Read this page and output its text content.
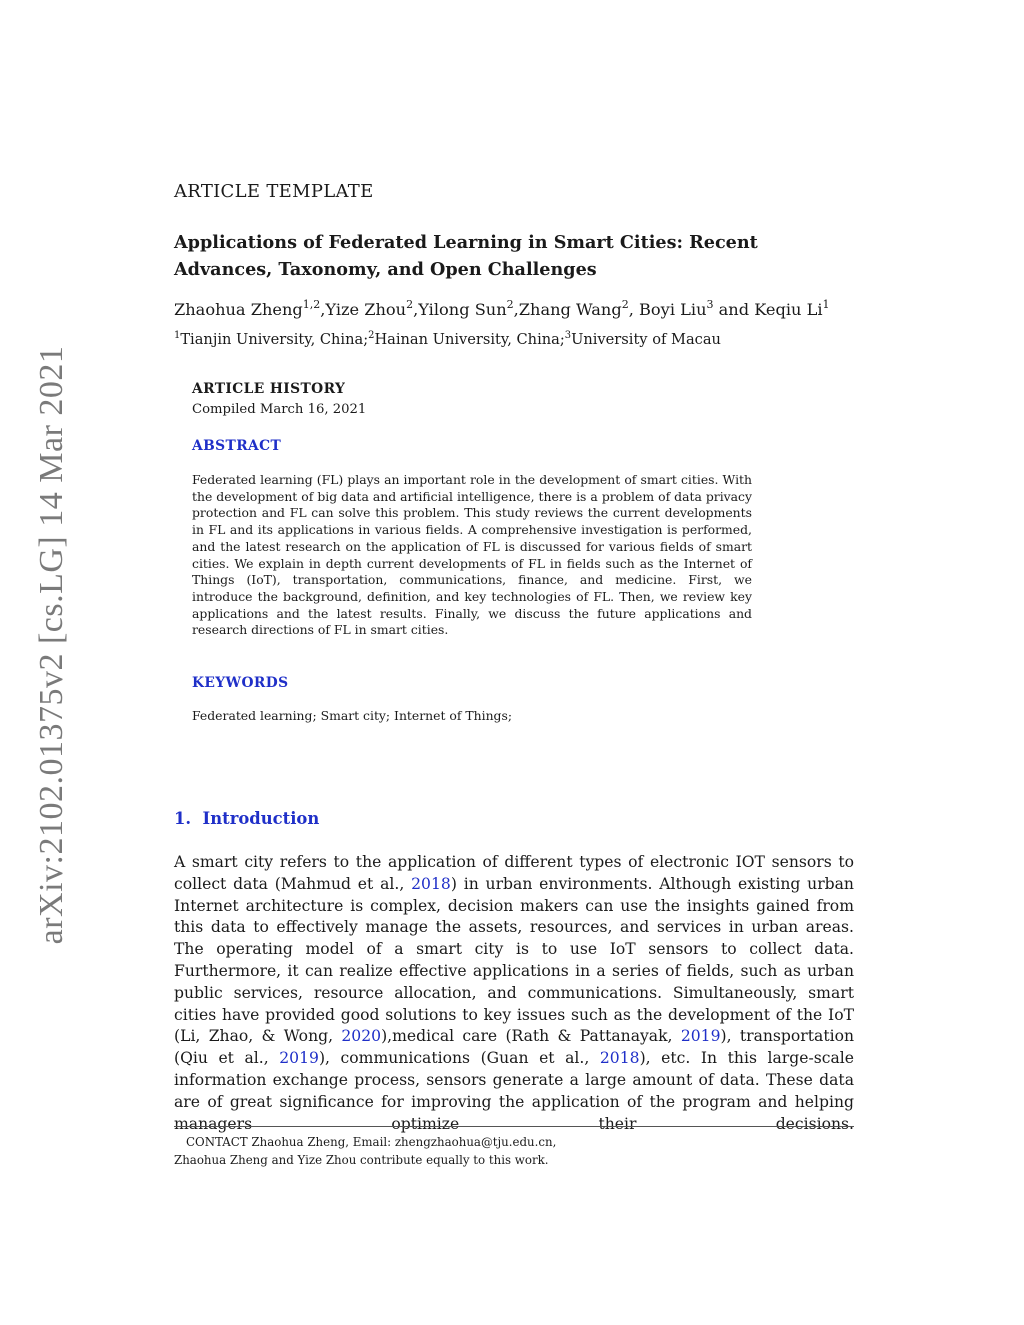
arXiv:2102.01375v2 [cs.LG] 14 Mar 2021
ARTICLE TEMPLATE
Applications of Federated Learning in Smart Cities: Recent Advances, Taxonomy, and Open Challenges
Zhaohua Zheng$^{1,2}$,Yize Zhou$^2$,Yilong Sun$^2$,Zhang Wang$^2$, Boyi Liu$^3$ and Keqiu Li$^1$
$^1$Tianjin University, China;$^2$Hainan University, China;$^3$University of Macau
ARTICLE HISTORY
Compiled March 16, 2021
ABSTRACT
Federated learning (FL) plays an important role in the development of smart cities. With the development of big data and artificial intelligence, there is a problem of data privacy protection and FL can solve this problem. This study reviews the current developments in FL and its applications in various fields. A comprehensive investigation is performed, and the latest research on the application of FL is discussed for various fields of smart cities. We explain in depth current developments of FL in fields such as the Internet of Things (IoT), transportation, communications, finance, and medicine. First, we introduce the background, definition, and key technologies of FL. Then, we review key applications and the latest results. Finally, we discuss the future applications and research directions of FL in smart cities.
KEYWORDS
Federated learning; Smart city; Internet of Things;
1. Introduction
A smart city refers to the application of different types of electronic IOT sensors to collect data (Mahmud et al., 2018) in urban environments. Although existing urban Internet architecture is complex, decision makers can use the insights gained from this data to effectively manage the assets, resources, and services in urban areas. The operating model of a smart city is to use IoT sensors to collect data. Furthermore, it can realize effective applications in a series of fields, such as urban public services, resource allocation, and communications. Simultaneously, smart cities have provided good solutions to key issues such as the development of the IoT (Li, Zhao, & Wong, 2020),medical care (Rath & Pattanayak, 2019), transportation (Qiu et al., 2019), communications (Guan et al., 2018), etc. In this large-scale information exchange process, sensors generate a large amount of data. These data are of great significance for improving the application of the program and helping managers optimize their decisions.
CONTACT Zhaohua Zheng, Email: zhengzhaohua@tju.edu.cn,
Zhaohua Zheng and Yize Zhou contribute equally to this work.
